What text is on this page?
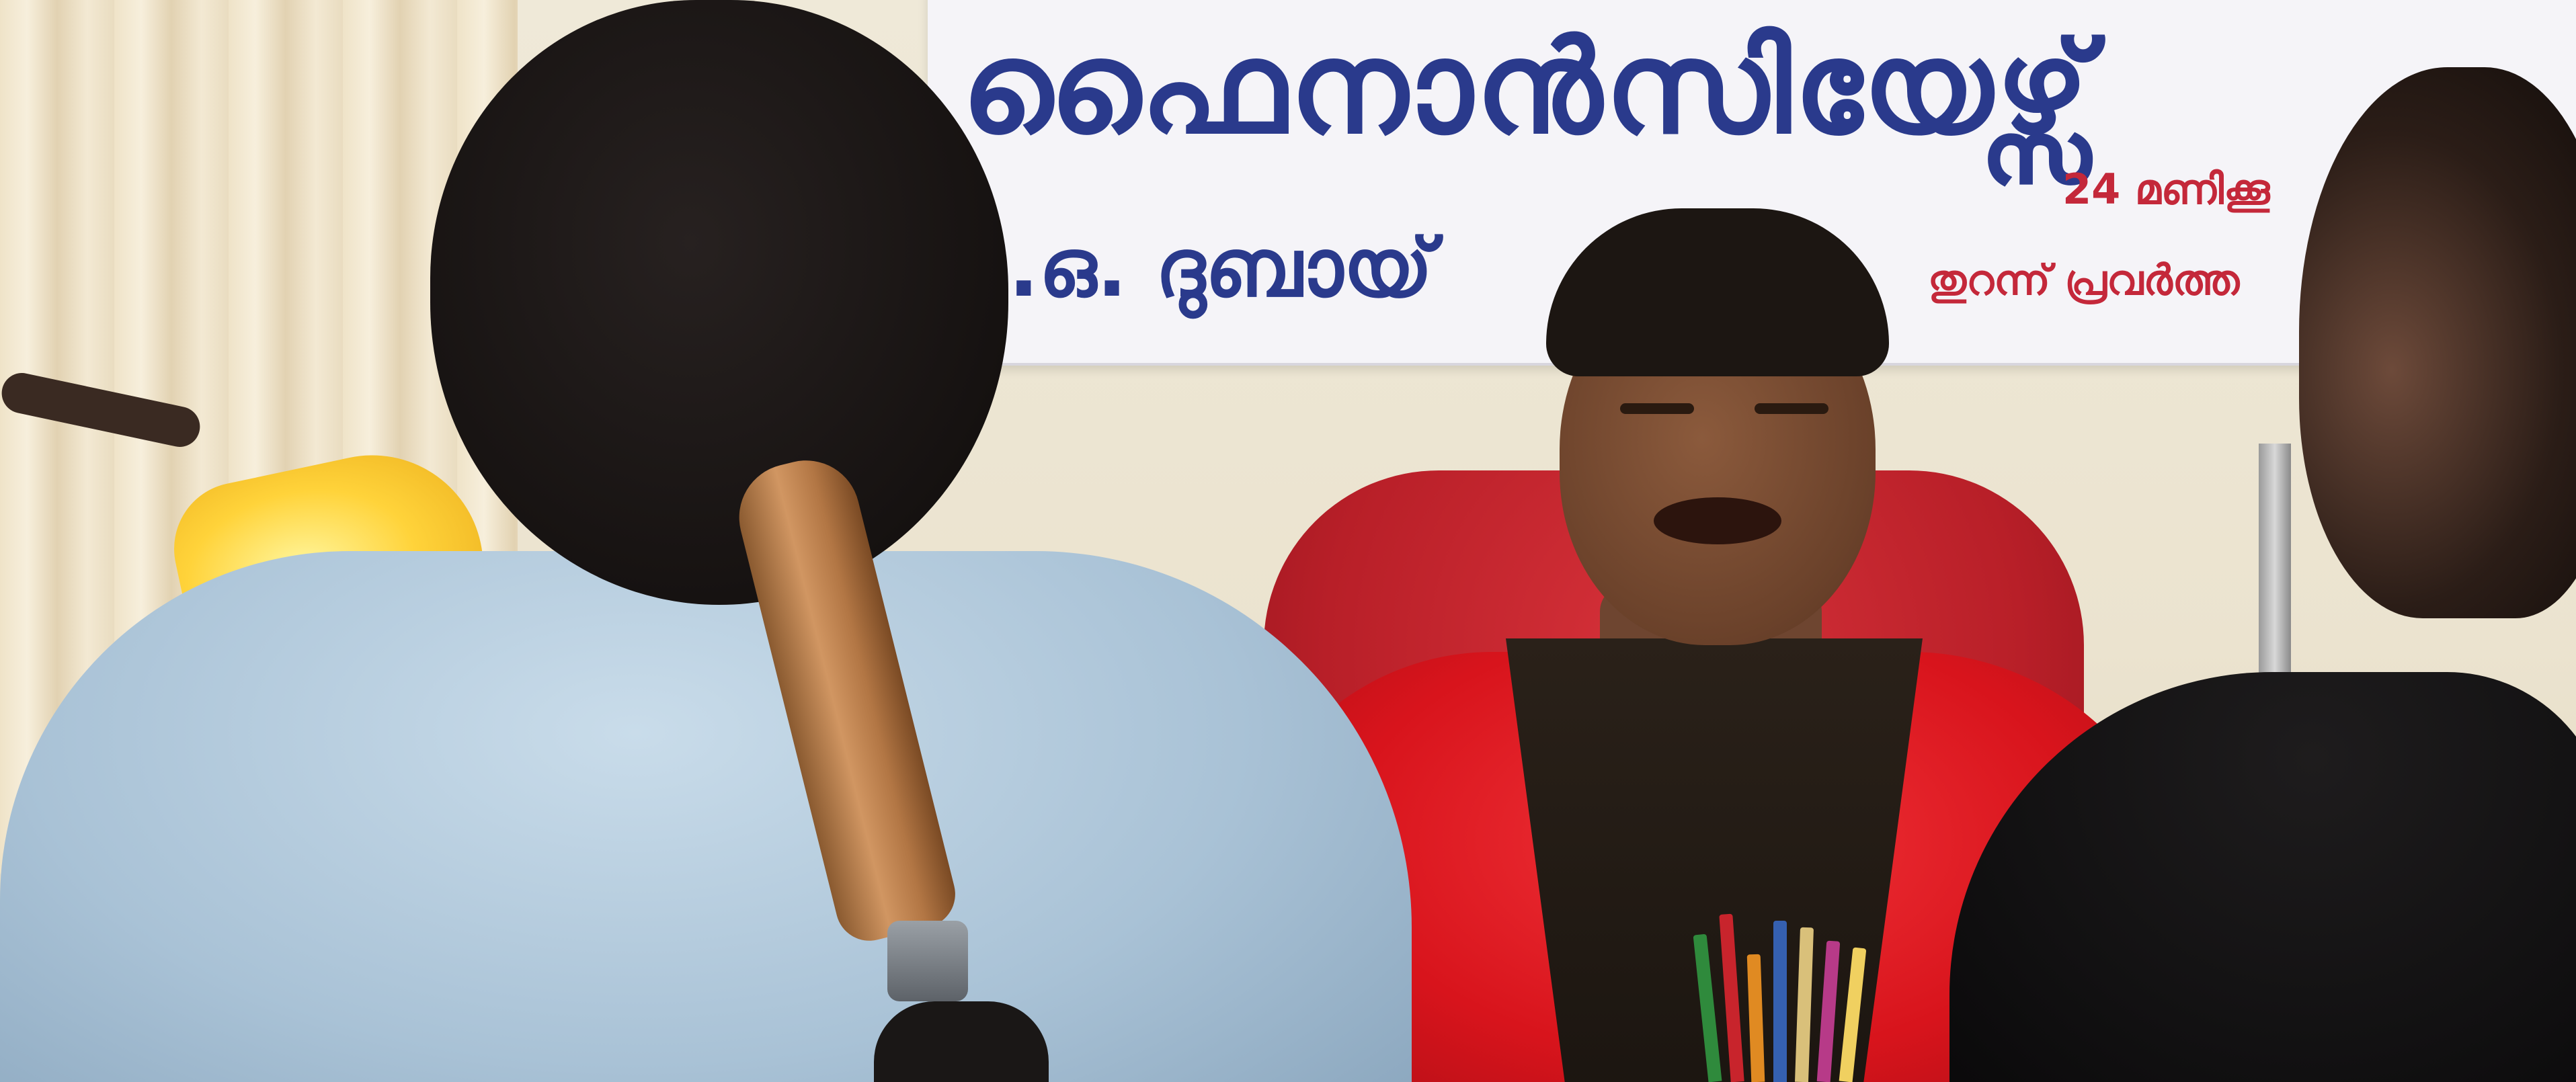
ഫൈനാൻസിയേഴ്സ്
.ഒ. ദുബായ്
24 മണിക്കൂ
തുറന്ന് പ്രവർത്ത
